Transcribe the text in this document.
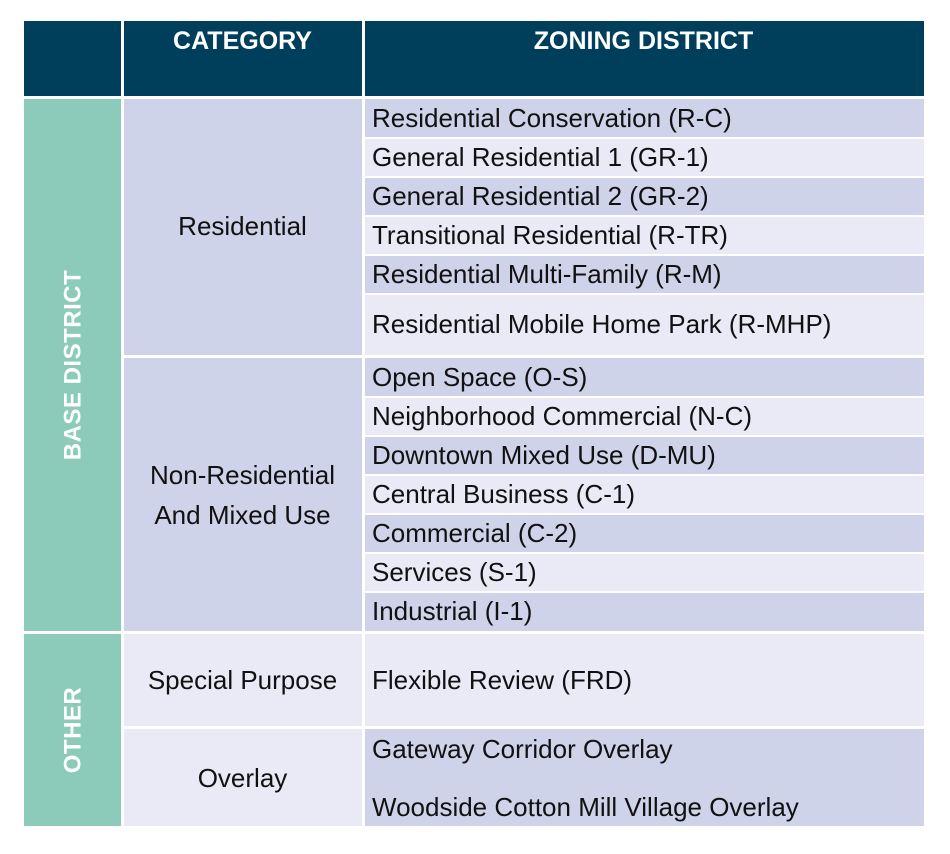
CATEGORY	ZONING DISTRICT
BASE DISTRICT
OTHER
Residential
Non-Residential
And Mixed Use
Special Purpose
Overlay
Residential Conservation (R-C)
General Residential 1 (GR-1)
General Residential 2 (GR-2)
Transitional Residential (R-TR)
Residential Multi-Family (R-M)
Residential Mobile Home Park (R-MHP)
Open Space (O-S)
Neighborhood Commercial (N-C)
Downtown Mixed Use (D-MU)
Central Business (C-1)
Commercial (C-2)
Services (S-1)
Industrial (I-1)
Flexible Review (FRD)
Gateway Corridor Overlay
Woodside Cotton Mill Village Overlay
